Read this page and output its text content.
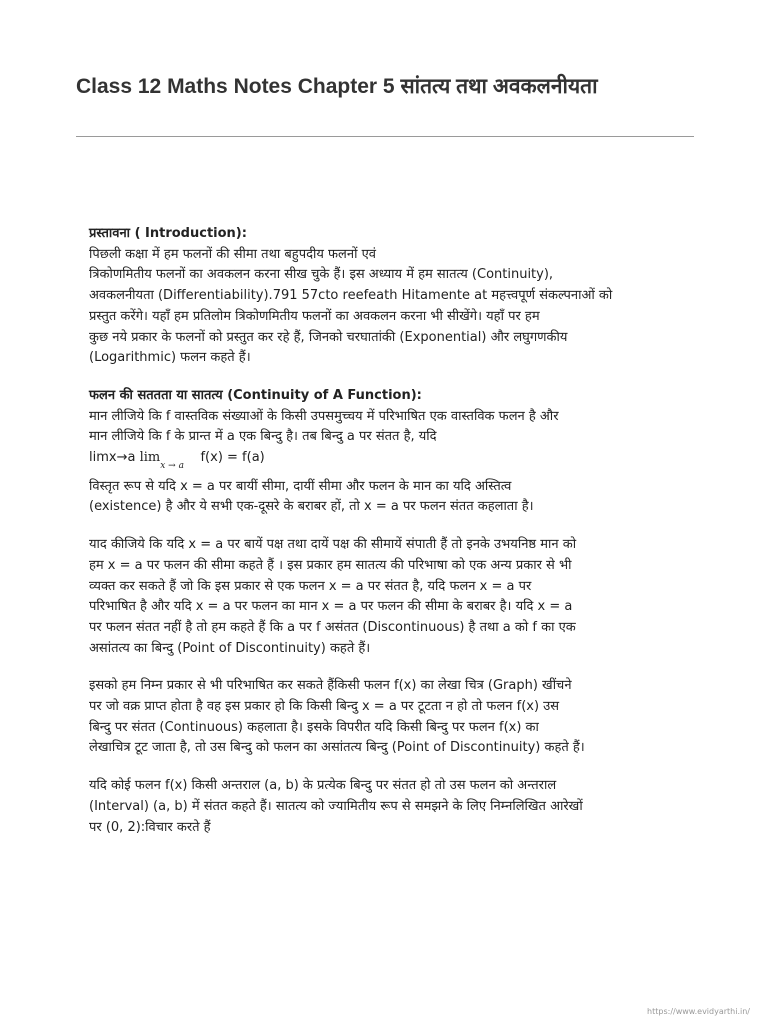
Class 12 Maths Notes Chapter 5 सांतत्य तथा अवकलनीयता

प्रस्तावना ( Introduction):

पिछली कक्षा में हम फलनों की सीमा तथा बहुपदीय फलनों एवं

त्रिकोणमितीय फलनों का अवकलन करना सीख चुके हैं। इस अध्याय में हम सातत्य (Continuity),

अवकलनीयता (Differentiability).791 57cto reefeath Hitamente at महत्त्वपूर्ण संकल्पनाओं को

प्रस्तुत करेंगे। यहाँ हम प्रतिलोम त्रिकोणमितीय फलनों का अवकलन करना भी सीखेंगे। यहाँ पर हम

कुछ नये प्रकार के फलनों को प्रस्तुत कर रहे हैं, जिनको चरघातांकी (Exponential) और लघुगणकीय

(Logarithmic) फलन कहते हैं।

फलन की सततता या सातत्य (Continuity of A Function):

मान लीजिये कि f वास्तविक संख्याओं के किसी उपसमुच्चय में परिभाषित एक वास्तविक फलन है और

मान लीजिये कि f के प्रान्त में a एक बिन्दु है। तब बिन्दु a पर संतत है, यदि

limx→a $\lim_{x \to a}$    f(x) = f(a)

विस्तृत रूप से यदि x = a पर बायीं सीमा, दायीं सीमा और फलन के मान का यदि अस्तित्व

(existence) है और ये सभी एक-दूसरे के बराबर हों, तो x = a पर फलन संतत कहलाता है।

याद कीजिये कि यदि x = a पर बायें पक्ष तथा दायें पक्ष की सीमायें संपाती हैं तो इनके उभयनिष्ठ मान को

हम x = a पर फलन की सीमा कहते हैं । इस प्रकार हम सातत्य की परिभाषा को एक अन्य प्रकार से भी

व्यक्त कर सकते हैं जो कि इस प्रकार से एक फलन x = a पर संतत है, यदि फलन x = a पर

परिभाषित है और यदि x = a पर फलन का मान x = a पर फलन की सीमा के बराबर है। यदि x = a

पर फलन संतत नहीं है तो हम कहते हैं कि a पर f असंतत (Discontinuous) है तथा a को f का एक

असांतत्य का बिन्दु (Point of Discontinuity) कहते हैं।

इसको हम निम्न प्रकार से भी परिभाषित कर सकते हैंकिसी फलन f(x) का लेखा चित्र (Graph) खींचने

पर जो वक्र प्राप्त होता है वह इस प्रकार हो कि किसी बिन्दु x = a पर टूटता न हो तो फलन f(x) उस

बिन्दु पर संतत (Continuous) कहलाता है। इसके विपरीत यदि किसी बिन्दु पर फलन f(x) का

लेखाचित्र टूट जाता है, तो उस बिन्दु को फलन का असांतत्य बिन्दु (Point of Discontinuity) कहते हैं।

यदि कोई फलन f(x) किसी अन्तराल (a, b) के प्रत्येक बिन्दु पर संतत हो तो उस फलन को अन्तराल

(Interval) (a, b) में संतत कहते हैं। सातत्य को ज्यामितीय रूप से समझने के लिए निम्नलिखित आरेखों

पर (0, 2):विचार करते हैं

https://www.evidyarthi.in/
